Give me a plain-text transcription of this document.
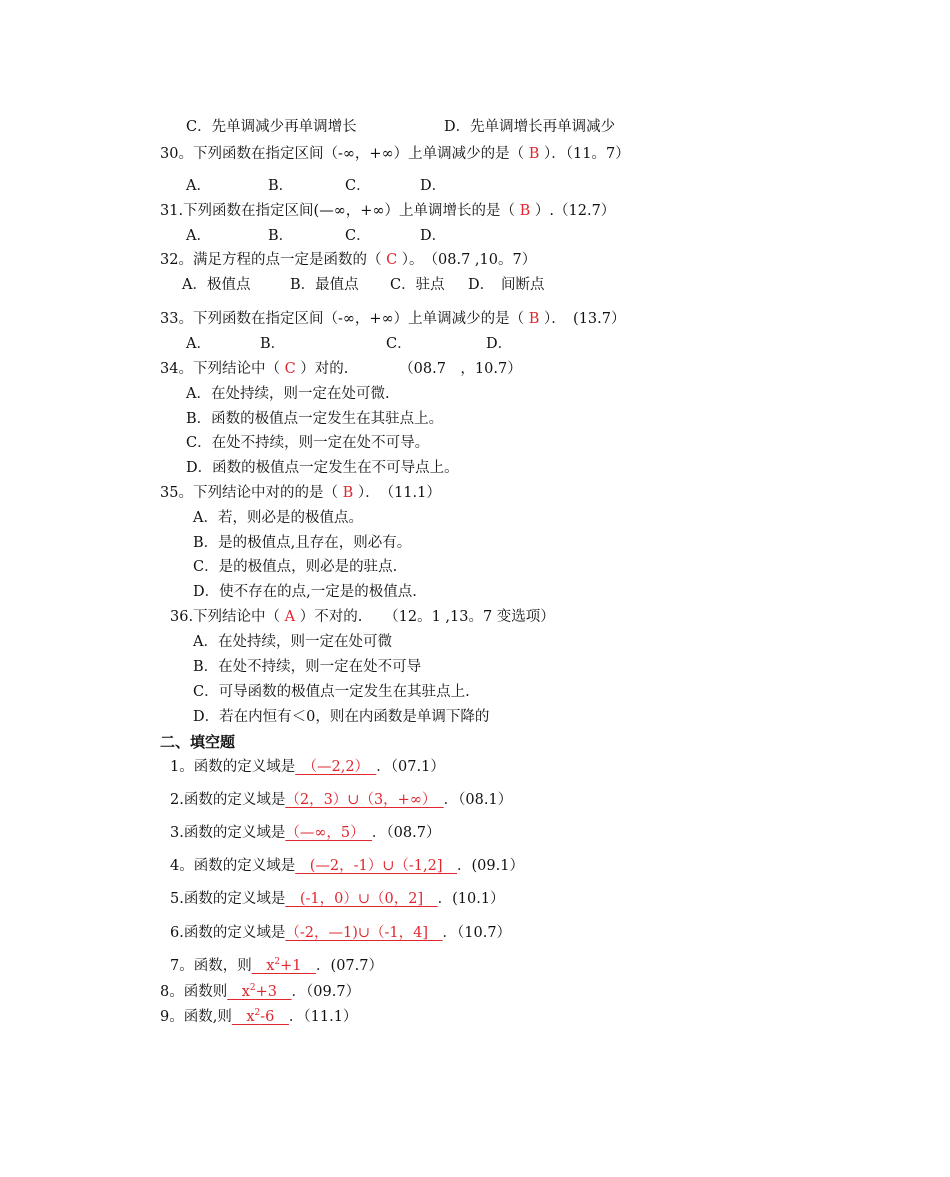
C．先单调减少再单调增长	D．先单调增长再单调减少
30。下列函数在指定区间（-∞，+∞）上单调减少的是（ B ）．（11。7）
A．	B．	C．	D．
31.下列函数在指定区间(—∞，+∞）上单调增长的是（ B ）.（12.7）
A．	B．	C．	D．
32。满足方程的点一定是函数的（ C ）。　（08.7 ,10。7）
A．极值点	B．最值点 C．驻点 D． 间断点
33。下列函数在指定区间（-∞，+∞）上单调减少的是（ B ）．　(13.7）
A．	B．	C．	D．
34。下列结论中（ C ）对的.　　　　（08.7　，10.7）
A．在处持续，则一定在处可微.
B．函数的极值点一定发生在其驻点上。
C．在处不持续，则一定在处不可导。
D．函数的极值点一定发生在不可导点上。
35。下列结论中对的的是（ B ）．　（11.1）
A．若，则必是的极值点。
B．是的极值点,且存在，则必有。
C．是的极值点，则必是的驻点.
D．使不存在的点,一定是的极值点.
36.下列结论中（ A ）不对的.　　（12。1 ,13。7 变选项）
A．在处持续，则一定在处可微
B．在处不持续，则一定在处不可导
C．可导函数的极值点一定发生在其驻点上.
D．若在内恒有＜0，则在内函数是单调下降的
二、填空题
1。函数的定义域是　（—2,2）　．（07.1）
2.函数的定义域是（2，3）∪（3，+∞）　．（08.1）
3.函数的定义域是（—∞，5）　．（08.7）
4。函数的定义域是　(—2，-1）∪（-1,2]　．(09.1）
5.函数的定义域是　(-1，0）∪（0，2]　．(10.1）
6.函数的定义域是（-2，—1)∪（-1，4]　．（10.7）
7。函数，则　$x^2+1$　．(07.7）
8。函数则　$x^2+3$　．（09.7）
9。函数,则　$x^2-6$　．（11.1）
